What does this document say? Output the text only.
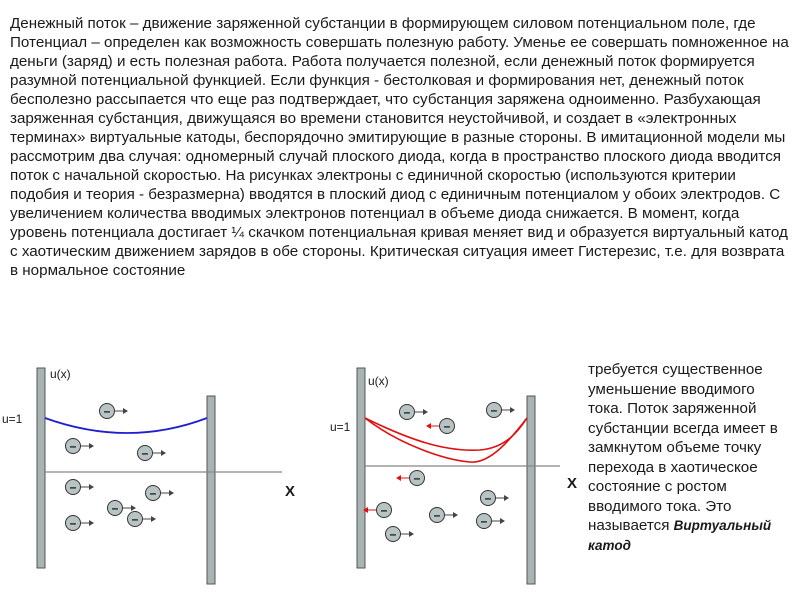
Денежный поток – движение заряженной субстанции в формирующем силовом потенциальном поле, где Потенциал – определен как возможность совершать полезную работу. Уменье ее совершать помноженное на деньги (заряд) и есть полезная работа. Работа получается полезной, если денежный поток формируется разумной потенциальной функцией. Если функция - бестолковая и формирования нет, денежный поток бесполезно рассыпается что еще раз подтверждает, что субстанция заряжена одноименно. Разбухающая заряженная субстанция, движущаяся во времени становится неустойчивой, и создает в «электронных терминах» виртуальные катоды, беспорядочно эмитирующие в разные стороны. В имитационной модели мы рассмотрим два случая: одномерный случай плоского диода, когда в пространство плоского диода вводится поток с начальной скоростью. На рисунках электроны с единичной скоростью (используются критерии подобия и теория - безразмерна) вводятся в плоский диод с единичным потенциалом у обоих электродов. С увеличением количества вводимых электронов потенциал в объеме диода снижается. В момент, когда уровень потенциала достигает ¼ скачком потенциальная кривая меняет вид и образуется виртуальный катод с хаотическим движением зарядов в обе стороны. Критическая ситуация имеет Гистерезис, т.е. для возврата в нормальное состояние

u(x)
u=1
X
–
–	–
–	–
–
–	–
u(x)
u=1
X
–
–
–
–
–
–
–
–
–

требуется существенное уменьшение вводимого тока. Поток заряженной субстанции всегда имеет в замкнутом объеме точку перехода в хаотическое состояние с ростом вводимого тока. Это называется Виртуальный катод
